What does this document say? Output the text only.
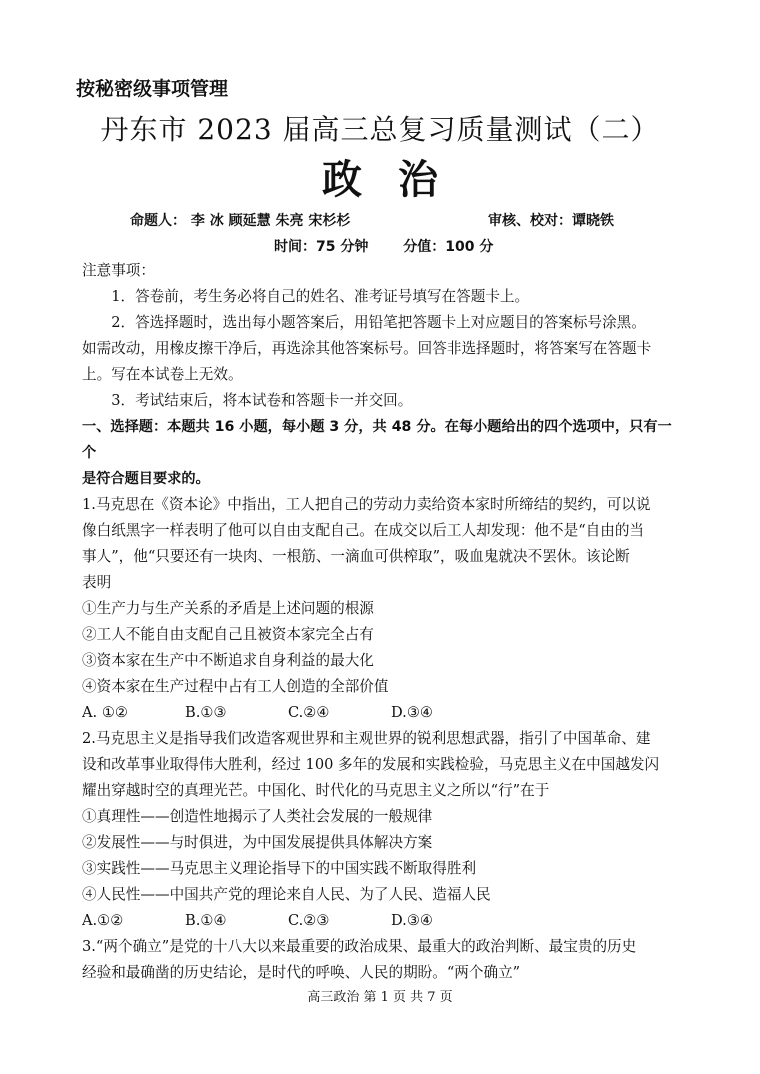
按秘密级事项管理
丹东市 2023 届高三总复习质量测试（二）
政治
命题人： 李 冰 顾延慧 朱亮 宋杉杉	审核、校对：谭晓铁
时间：75 分钟 分值：100 分

注意事项：

1．答卷前，考生务必将自己的姓名、准考证号填写在答题卡上。

2．答选择题时，选出每小题答案后，用铅笔把答题卡上对应题目的答案标号涂黑。

如需改动，用橡皮擦干净后，再选涂其他答案标号。回答非选择题时，将答案写在答题卡

上。写在本试卷上无效。

3．考试结束后，将本试卷和答题卡一并交回。

一、选择题：本题共 16 小题，每小题 3 分，共 48 分。在每小题给出的四个选项中，只有一个

是符合题目要求的。

1.马克思在《资本论》中指出，工人把自己的劳动力卖给资本家时所缔结的契约，可以说

像白纸黑字一样表明了他可以自由支配自己。在成交以后工人却发现：他不是“自由的当

事人”，他“只要还有一块肉、一根筋、一滴血可供榨取”，吸血鬼就决不罢休。该论断

表明

①生产力与生产关系的矛盾是上述问题的根源

②工人不能自由支配自己且被资本家完全占有

③资本家在生产中不断追求自身利益的最大化

④资本家在生产过程中占有工人创造的全部价值

A. ①②	B.①③	C.②④	D.③④

2.马克思主义是指导我们改造客观世界和主观世界的锐利思想武器，指引了中国革命、建

设和改革事业取得伟大胜利，经过 100 多年的发展和实践检验，马克思主义在中国越发闪

耀出穿越时空的真理光芒。中国化、时代化的马克思主义之所以“行”在于

①真理性——创造性地揭示了人类社会发展的一般规律

②发展性——与时俱进，为中国发展提供具体解决方案

③实践性——马克思主义理论指导下的中国实践不断取得胜利

④人民性——中国共产党的理论来自人民、为了人民、造福人民

A.①②	B.①④	C.②③	D.③④

3.“两个确立”是党的十八大以来最重要的政治成果、最重大的政治判断、最宝贵的历史

经验和最确凿的历史结论，是时代的呼唤、人民的期盼。“两个确立”

高三政治 第 1 页 共 7 页
